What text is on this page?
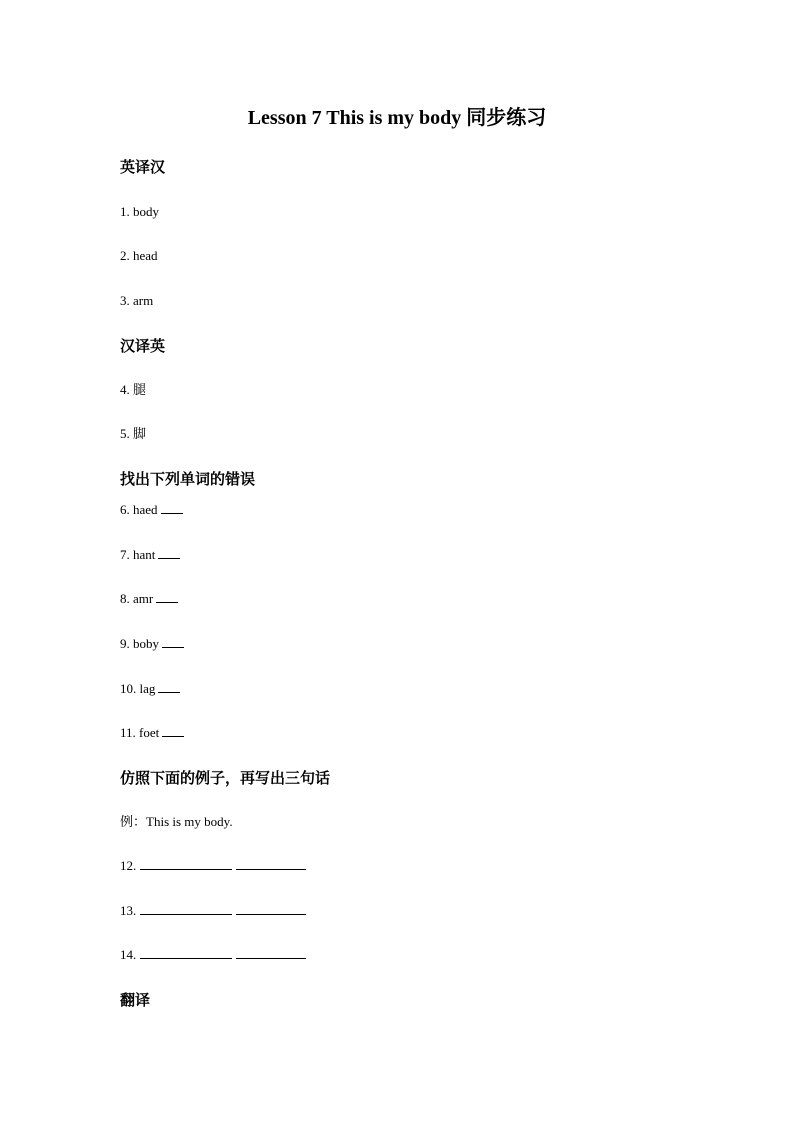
Lesson 7 This is my body 同步练习
英译汉
1. body
2. head
3. arm
汉译英
4. 腿
5. 脚
找出下列单词的错误
6. haed
7. hant
8. amr
9. boby
10. lag
11. foet
仿照下面的例子，再写出三句话
例：This is my body.
12.
13.
14.
翻译
